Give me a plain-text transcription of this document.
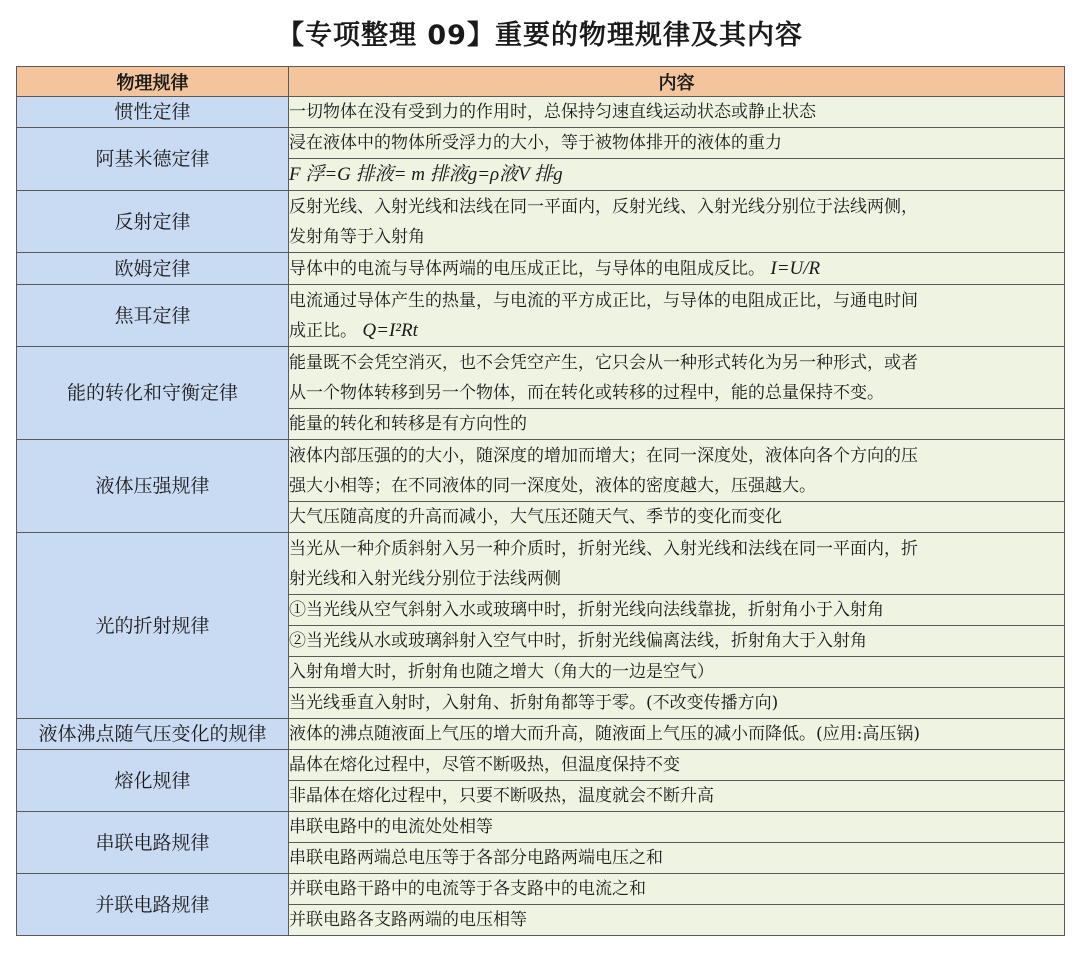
【专项整理 09】重要的物理规律及其内容
物理规律	内容
惯性定律	一切物体在没有受到力的作用时，总保持匀速直线运动状态或静止状态
阿基米德定律	浸在液体中的物体所受浮力的大小，等于被物体排开的液体的重力
	F 浮=G 排液= m 排液g=ρ液V 排g
反射定律	反射光线、入射光线和法线在同一平面内，反射光线、入射光线分别位于法线两侧，
发射角等于入射角
欧姆定律	导体中的电流与导体两端的电压成正比，与导体的电阻成反比。 I=U/R
焦耳定律	电流通过导体产生的热量，与电流的平方成正比，与导体的电阻成正比，与通电时间
成正比。 Q=I²Rt
能的转化和守衡定律	能量既不会凭空消灭，也不会凭空产生，它只会从一种形式转化为另一种形式，或者
从一个物体转移到另一个物体，而在转化或转移的过程中，能的总量保持不变。
	能量的转化和转移是有方向性的
液体压强规律	液体内部压强的的大小，随深度的增加而增大；在同一深度处，液体向各个方向的压
强大小相等；在不同液体的同一深度处，液体的密度越大，压强越大。
	大气压随高度的升高而减小，大气压还随天气、季节的变化而变化
光的折射规律	当光从一种介质斜射入另一种介质时，折射光线、入射光线和法线在同一平面内，折
射光线和入射光线分别位于法线两侧
	①当光线从空气斜射入水或玻璃中时，折射光线向法线靠拢，折射角小于入射角
	②当光线从水或玻璃斜射入空气中时，折射光线偏离法线，折射角大于入射角
	入射角增大时，折射角也随之增大（角大的一边是空气）
	当光线垂直入射时，入射角、折射角都等于零。(不改变传播方向)
液体沸点随气压变化的规律	液体的沸点随液面上气压的增大而升高，随液面上气压的减小而降低。(应用:高压锅)
熔化规律	晶体在熔化过程中，尽管不断吸热，但温度保持不变
	非晶体在熔化过程中，只要不断吸热，温度就会不断升高
串联电路规律	串联电路中的电流处处相等
	串联电路两端总电压等于各部分电路两端电压之和
并联电路规律	并联电路干路中的电流等于各支路中的电流之和
	并联电路各支路两端的电压相等
